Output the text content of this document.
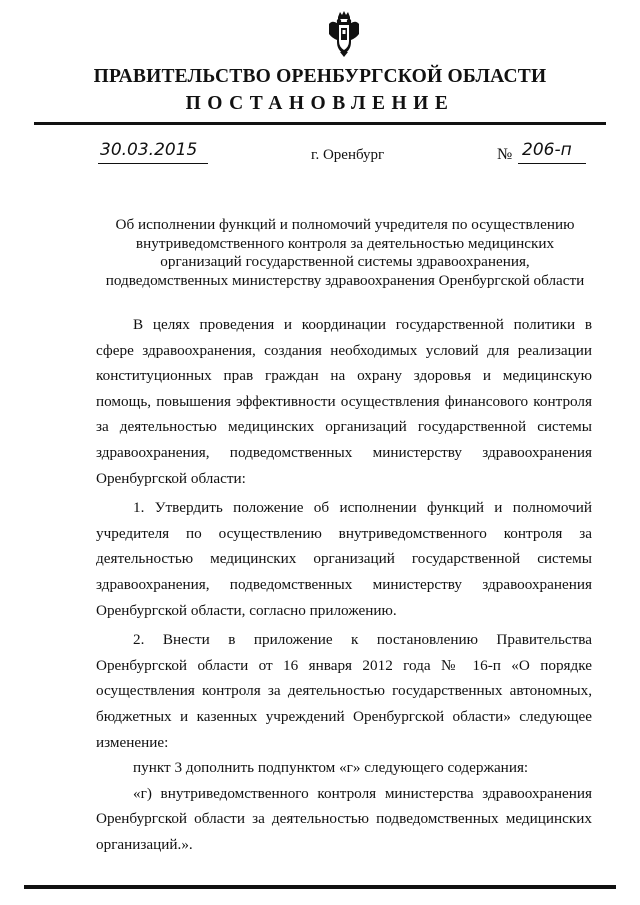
ПРАВИТЕЛЬСТВО ОРЕНБУРГСКОЙ ОБЛАСТИ
ПОСТАНОВЛЕНИЕ
30.03.2015	г. Оренбург	№ 206-п
Об исполнении функций и полномочий учредителя по осуществлению внутриведомственного контроля за деятельностью медицинских организаций государственной системы здравоохранения, подведомственных министерству здравоохранения Оренбургской области

В целях проведения и координации государственной политики в сфере здравоохранения, создания необходимых условий для реализации конституционных прав граждан на охрану здоровья и медицинскую помощь, повышения эффективности осуществления финансового контроля за деятельностью медицинских организаций государственной системы здравоохранения, подведомственных министерству здравоохранения Оренбургской области:

1. Утвердить положение об исполнении функций и полномочий учредителя по осуществлению внутриведомственного контроля за деятельностью медицинских организаций государственной системы здравоохранения, подведомственных министерству здравоохранения Оренбургской области, согласно приложению.

2. Внести в приложение к постановлению Правительства Оренбургской области от 16 января 2012 года № 16-п «О порядке осуществления контроля за деятельностью государственных автономных, бюджетных и казенных учреждений Оренбургской области» следующее изменение:

пункт 3 дополнить подпунктом «г» следующего содержания:

«г) внутриведомственного контроля министерства здравоохранения Оренбургской области за деятельностью подведомственных медицинских организаций.».
